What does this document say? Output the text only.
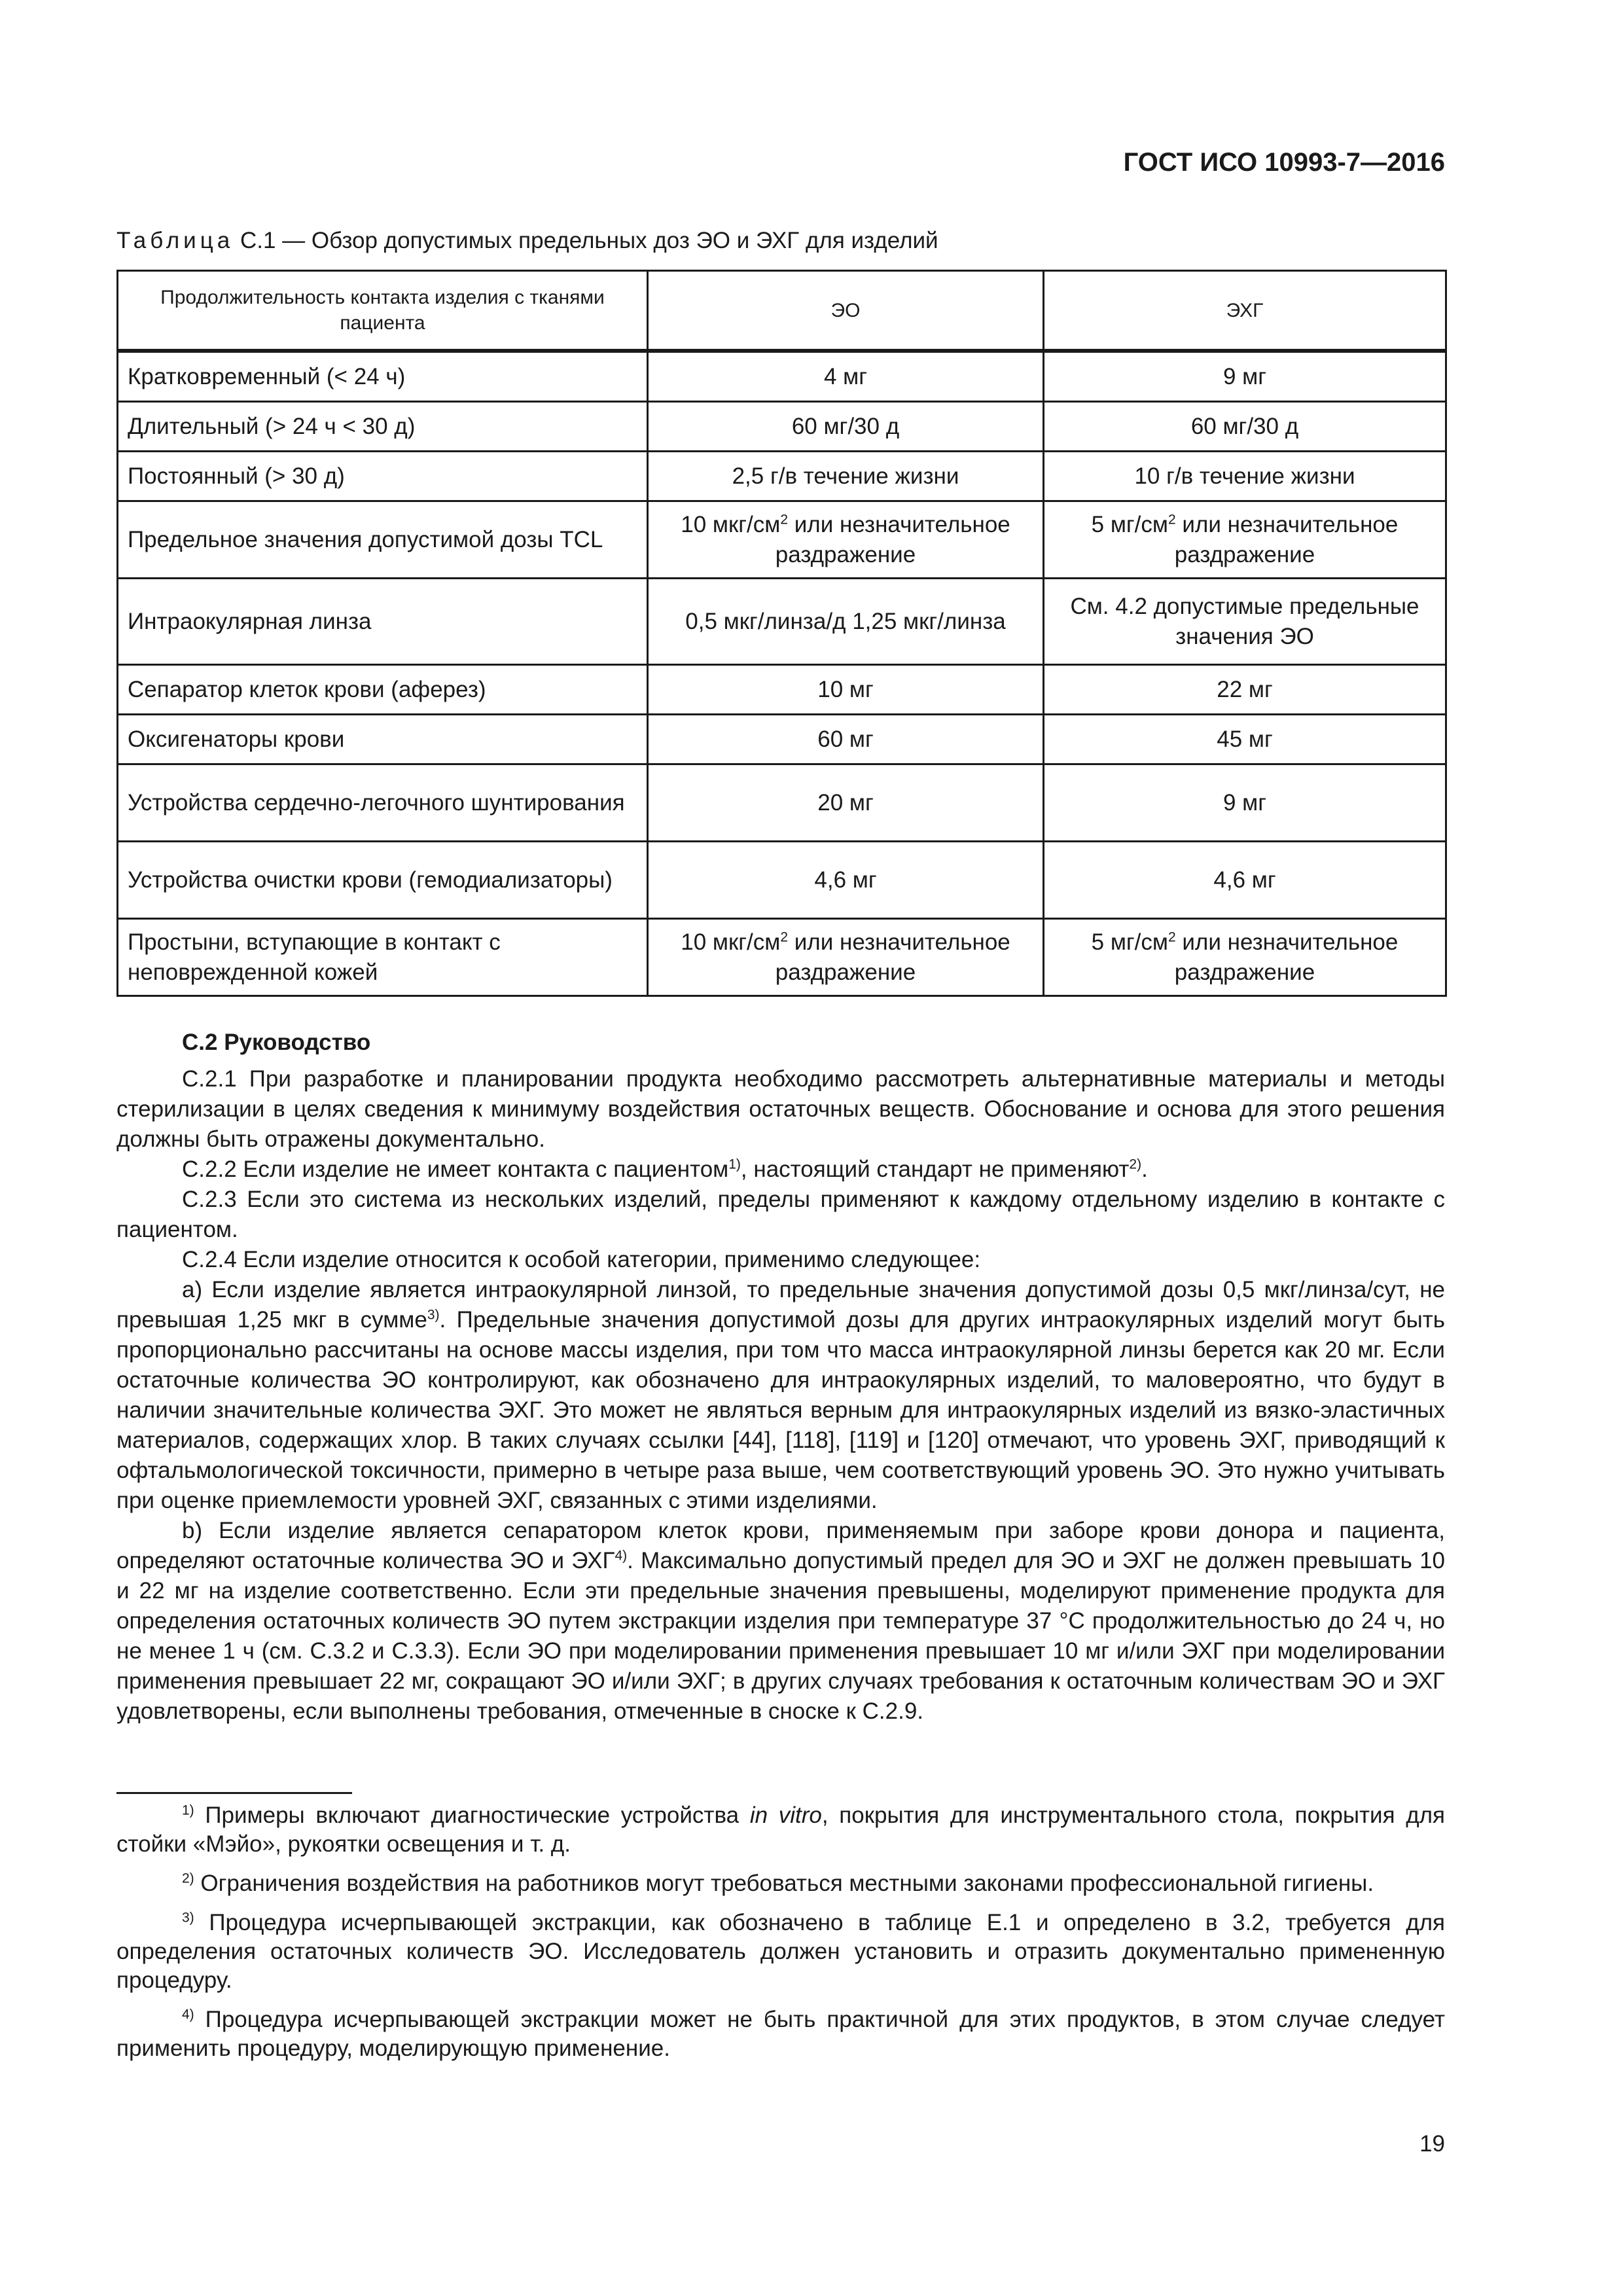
ГОСТ ИСО 10993-7—2016
Таблица С.1 — Обзор допустимых предельных доз ЭО и ЭХГ для изделий
Продолжительность контакта изделия с тканями пациента	ЭО	ЭХГ

Кратковременный (< 24 ч)	4 мг	9 мг
Длительный (> 24 ч < 30 д)	60 мг/30 д	60 мг/30 д
Постоянный (> 30 д)	2,5 г/в течение жизни	10 г/в течение жизни
Предельное значения допустимой дозы TCL	10 мкг/$см^2$ или незначительное раздражение	5 $мг/см^2$ или незначительное раздражение
Интраокулярная линза	0,5 мкг/линза/д 1,25 мкг/линза	См. 4.2 допустимые предельные значения ЭО
Сепаратор клеток крови (аферез)	10 мг	22 мг
Оксигенаторы крови	60 мг	45 мг
Устройства сердечно-легочного шунтирования	20 мг	9 мг
Устройства очистки крови (гемодиализаторы)	4,6 мг	4,6 мг
Простыни, вступающие в контакт с неповрежденной кожей	10 мкг/$см^2$ или незначительное раздражение	5 $мг/см^2$ или незначительное раздражение
С.2 Руководство

С.2.1 При разработке и планировании продукта необходимо рассмотреть альтернативные материалы и методы стерилизации в целях сведения к минимуму воздействия остаточных веществ. Обоснование и основа для этого решения должны быть отражены документально.

С.2.2 Если изделие не имеет контакта с пациентом$^{1)}$, настоящий стандарт не применяют$^{2)}$.

С.2.3 Если это система из нескольких изделий, пределы применяют к каждому отдельному изделию в контакте с пациентом.

С.2.4 Если изделие относится к особой категории, применимо следующее:

а) Если изделие является интраокулярной линзой, то предельные значения допустимой дозы 0,5 мкг/линза/сут, не превышая 1,25 мкг в сумме$^{3)}$. Предельные значения допустимой дозы для других интраокулярных изделий могут быть пропорционально рассчитаны на основе массы изделия, при том что масса интраокулярной линзы берется как 20 мг. Если остаточные количества ЭО контролируют, как обозначено для интраокулярных изделий, то маловероятно, что будут в наличии значительные количества ЭХГ. Это может не являться верным для интраокулярных изделий из вязко-эластичных материалов, содержащих хлор. В таких случаях ссылки [44], [118], [119] и [120] отмечают, что уровень ЭХГ, приводящий к офтальмологической токсичности, примерно в четыре раза выше, чем соответствующий уровень ЭО. Это нужно учитывать при оценке приемлемости уровней ЭХГ, связанных с этими изделиями.

b) Если изделие является сепаратором клеток крови, применяемым при заборе крови донора и пациента, определяют остаточные количества ЭО и ЭХГ$^{4)}$. Максимально допустимый предел для ЭО и ЭХГ не должен превышать 10 и 22 мг на изделие соответственно. Если эти предельные значения превышены, моделируют применение продукта для определения остаточных количеств ЭО путем экстракции изделия при температуре 37 °С продолжительностью до 24 ч, но не менее 1 ч (см. С.3.2 и С.3.3). Если ЭО при моделировании применения превышает 10 мг и/или ЭХГ при моделировании применения превышает 22 мг, сокращают ЭО и/или ЭХГ; в других случаях требования к остаточным количествам ЭО и ЭХГ удовлетворены, если выполнены требования, отмеченные в сноске к С.2.9.

$^{1)}$ Примеры включают диагностические устройства in vitro, покрытия для инструментального стола, покрытия для стойки «Мэйо», рукоятки освещения и т. д.

$^{2)}$ Ограничения воздействия на работников могут требоваться местными законами профессиональной гигиены.

$^{3)}$ Процедура исчерпывающей экстракции, как обозначено в таблице Е.1 и определено в 3.2, требуется для определения остаточных количеств ЭО. Исследователь должен установить и отразить документально примененную процедуру.

$^{4)}$ Процедура исчерпывающей экстракции может не быть практичной для этих продуктов, в этом случае следует применить процедуру, моделирующую применение.

19
